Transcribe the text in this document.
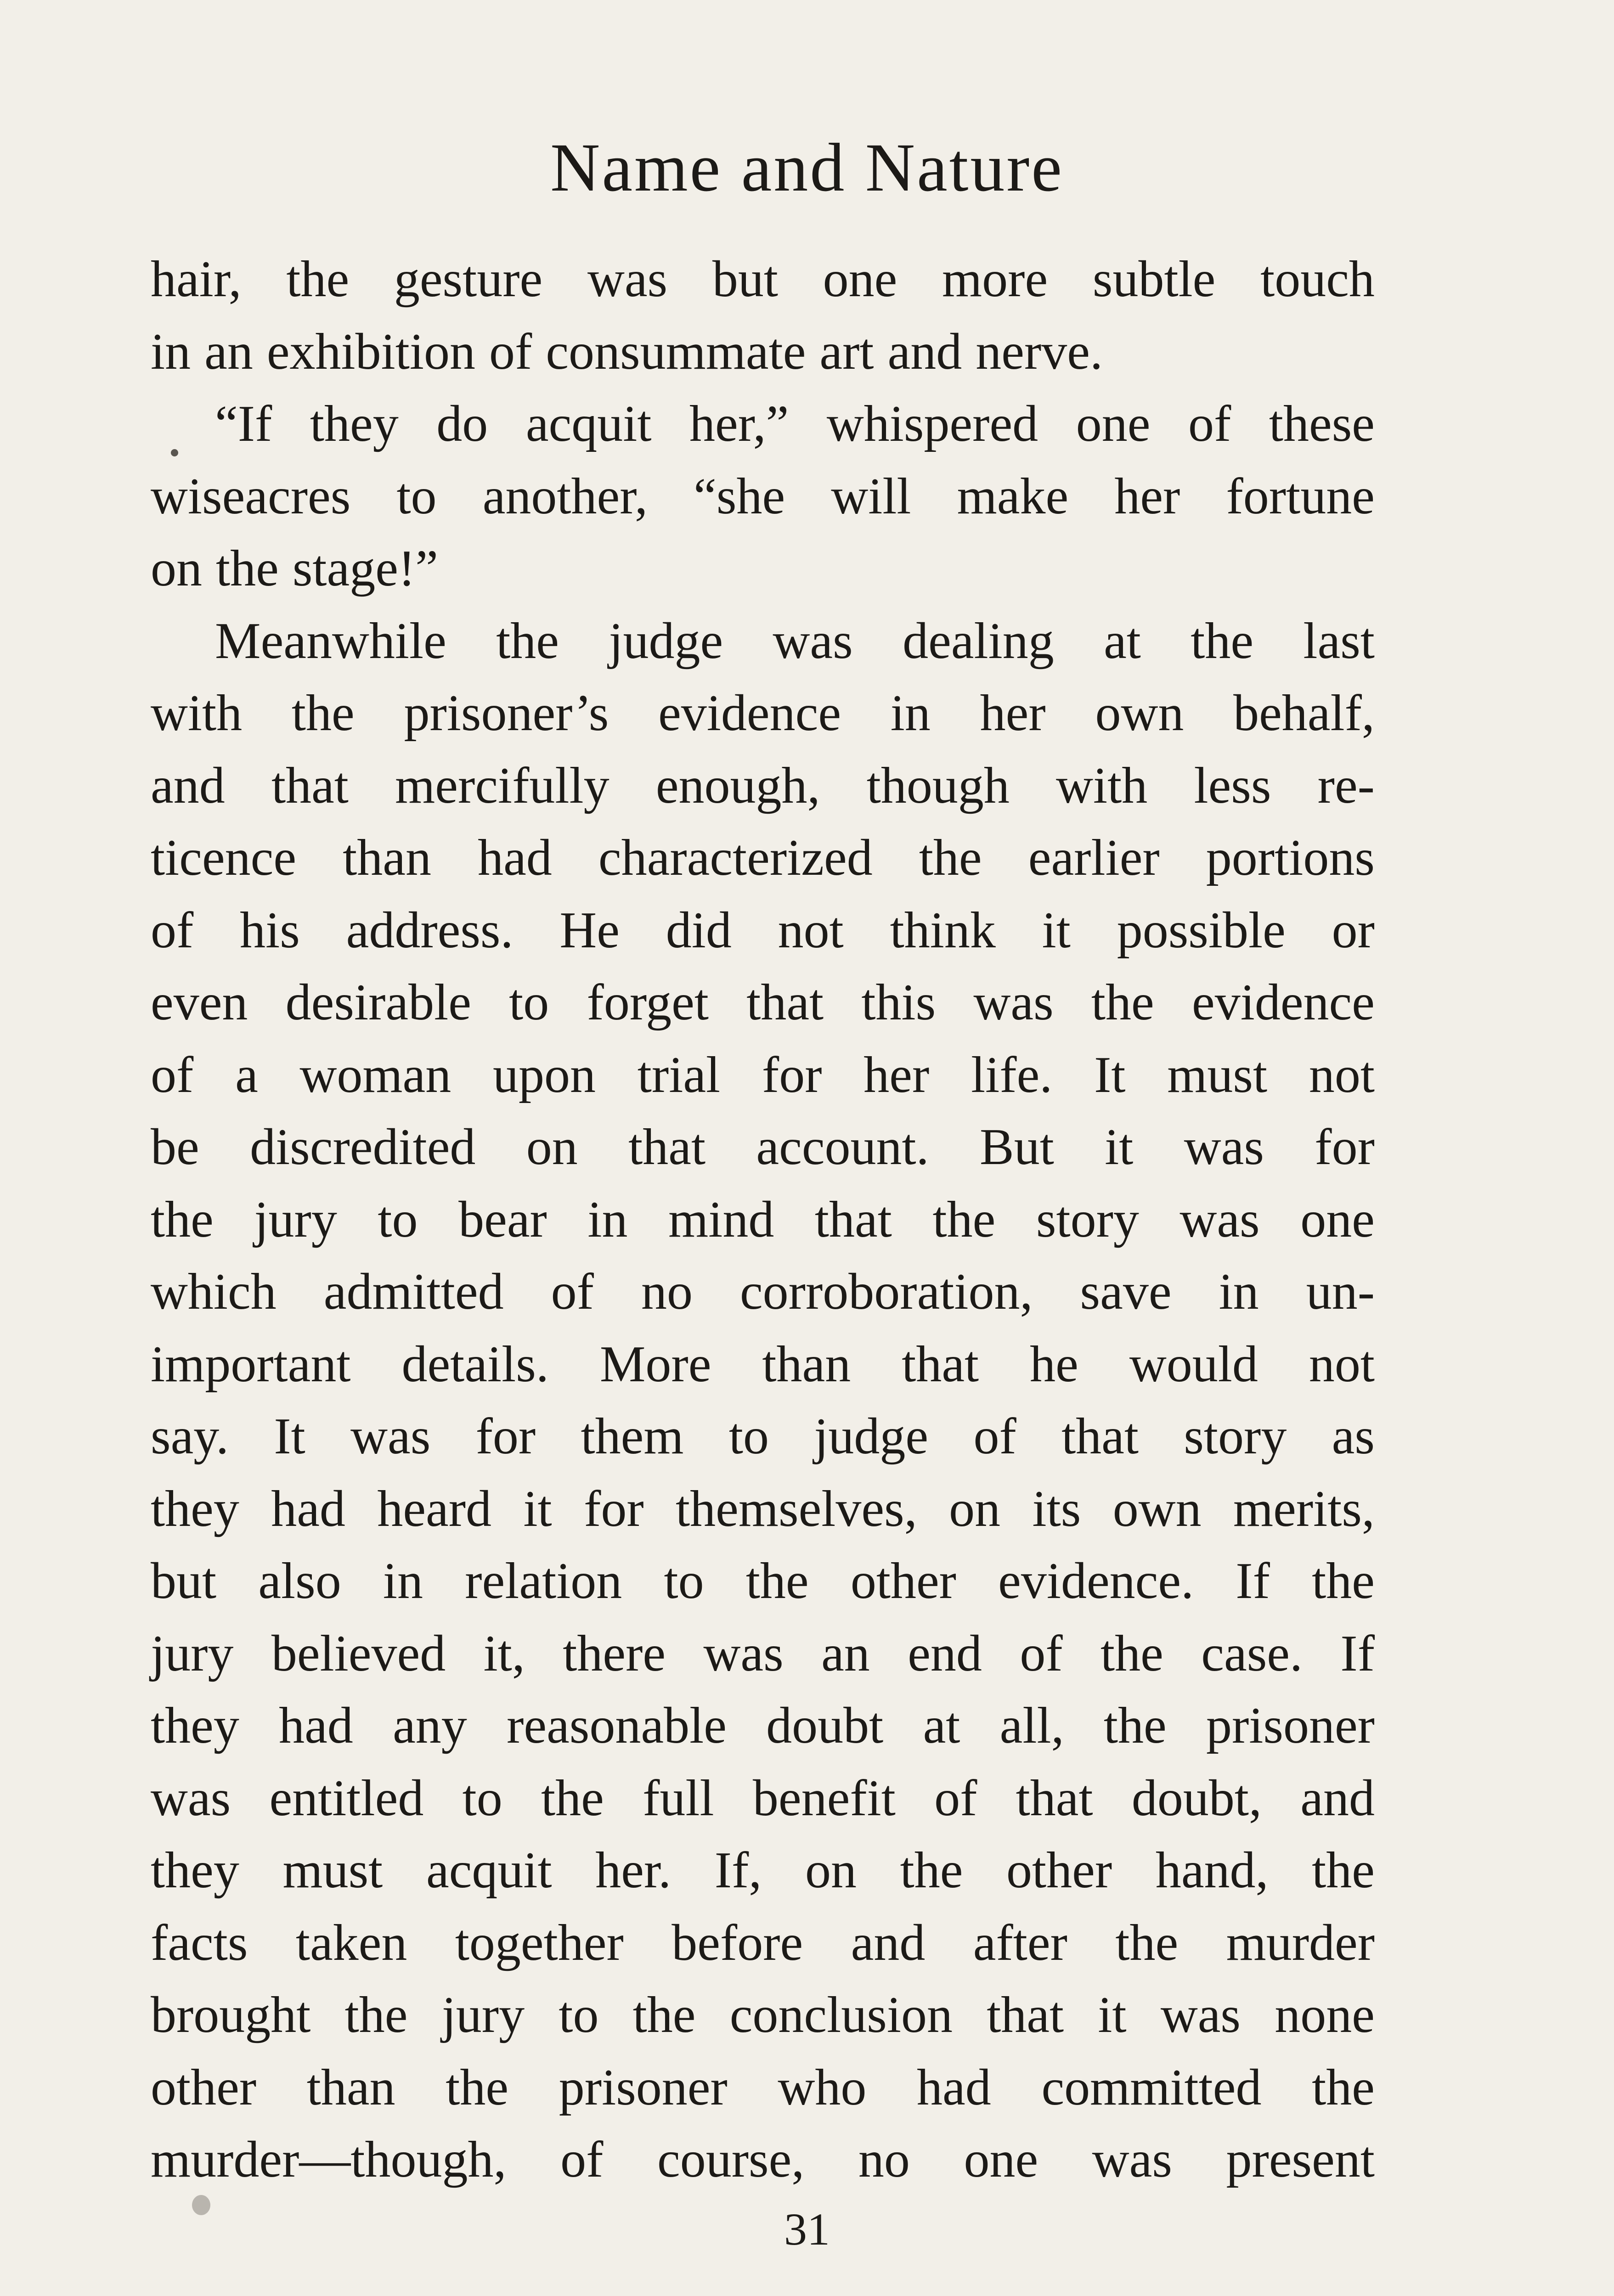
Name and Nature
hair, the gesture was but one more subtle touch
in an exhibition of consummate art and nerve.
“If they do acquit her,” whispered one of these
wiseacres to another, “she will make her fortune
on the stage!”
Meanwhile the judge was dealing at the last
with the prisoner’s evidence in her own behalf,
and that mercifully enough, though with less re-
ticence than had characterized the earlier portions
of his address. He did not think it possible or
even desirable to forget that this was the evidence
of a woman upon trial for her life. It must not
be discredited on that account. But it was for
the jury to bear in mind that the story was one
which admitted of no corroboration, save in un-
important details. More than that he would not
say. It was for them to judge of that story as
they had heard it for themselves, on its own merits,
but also in relation to the other evidence. If the
jury believed it, there was an end of the case. If
they had any reasonable doubt at all, the prisoner
was entitled to the full benefit of that doubt, and
they must acquit her. If, on the other hand, the
facts taken together before and after the murder
brought the jury to the conclusion that it was none
other than the prisoner who had committed the
murder—though, of course, no one was present
31
